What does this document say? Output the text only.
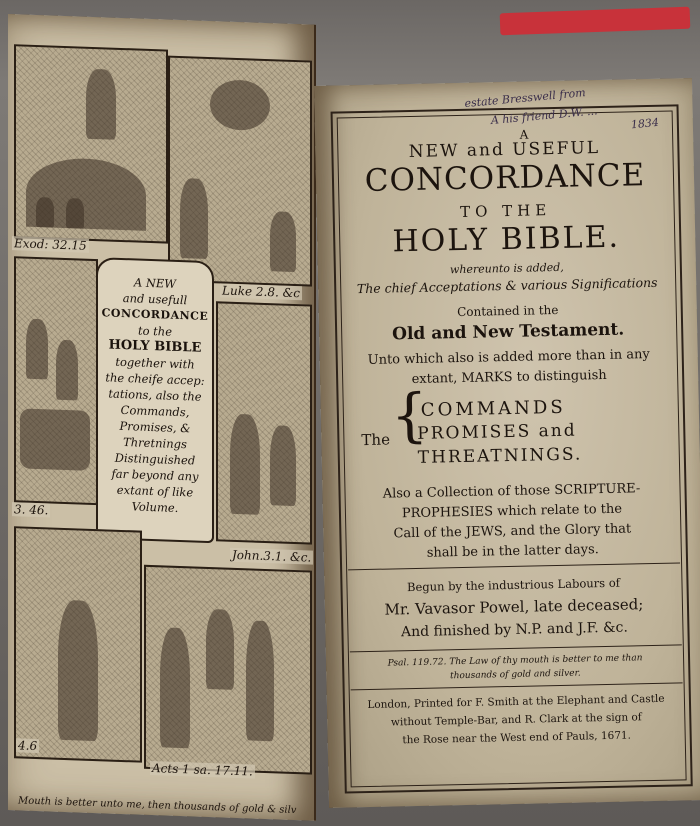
Exod: 32.15
Luke 2.8. &c
3. 46.
A NEW
and usefull
CONCORDANCE
to the
HOLY BIBLE
together with
the cheife accep:
tations, also the
Commands,
Promises, &
Thretnings
Distinguished
far beyond any
extant of like
Volume.
John.3.1. &c.
4.6
Acts 1 sa. 17.11.
Mouth is better unto me, then thousands of gold & silv
estate Bresswell from
A his friend D.W. ...	1834
A
NEW and USEFUL
CONCORDANCE
TO THE
HOLY BIBLE.
whereunto is added,
The chief Acceptations & various Significations
Contained in the
Old and New Testament.
Unto which also is added more than in any
extant, MARKS to distinguish
The {
COMMANDS
PROMISES and
THREATNINGS.
Also a Collection of those SCRIPTURE-
PROPHESIES which relate to the
Call of the JEWS, and the Glory that
shall be in the latter days.
Begun by the industrious Labours of
Mr. Vavasor Powel, late deceased;
And finished by N.P. and J.F. &c.
Psal. 119.72. The Law of thy mouth is better to me than
thousands of gold and silver.
London, Printed for F. Smith at the Elephant and Castle
without Temple-Bar, and R. Clark at the sign of
the Rose near the West end of Pauls, 1671.
